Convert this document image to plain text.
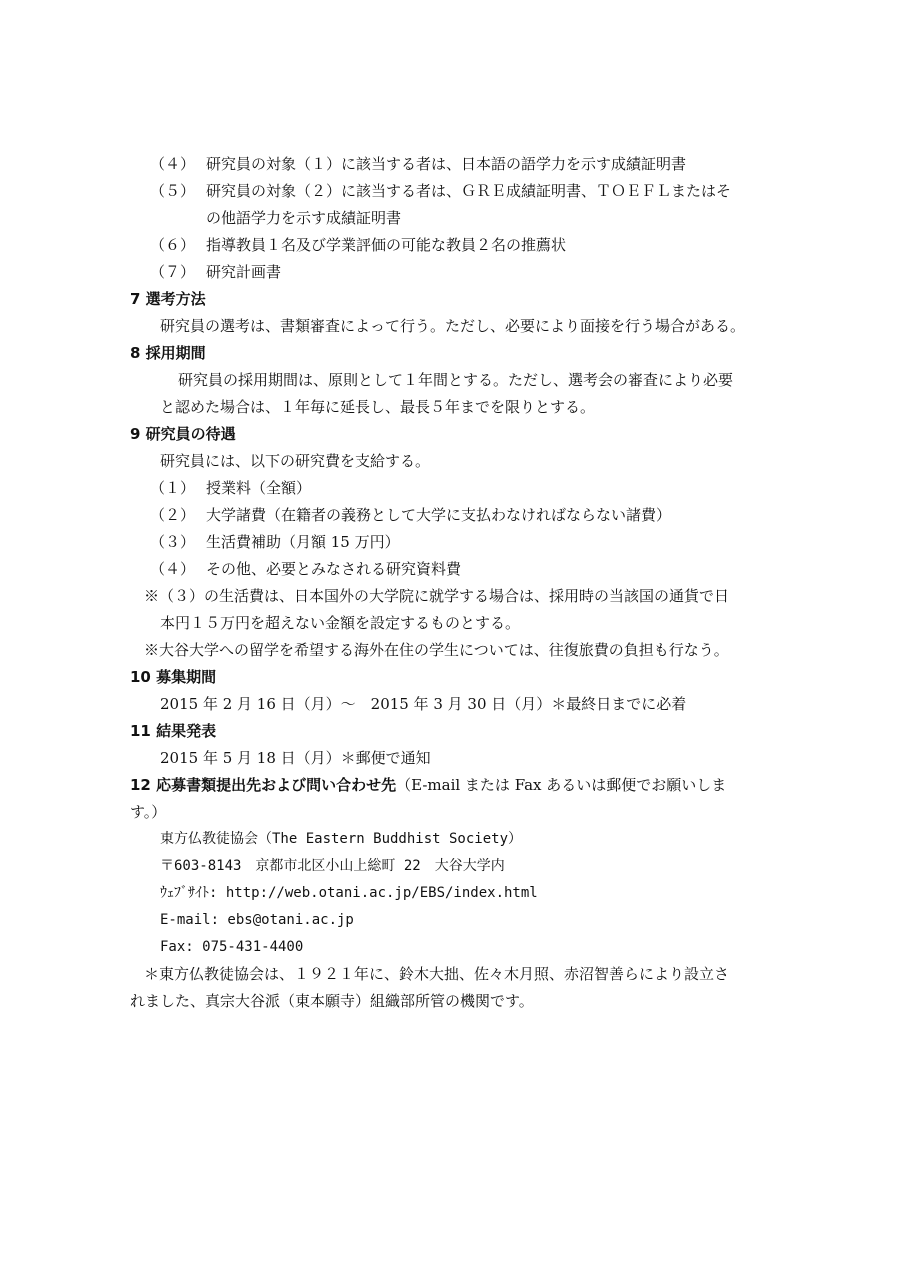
（４） 研究員の対象（１）に該当する者は、日本語の語学力を示す成績証明書
（５） 研究員の対象（２）に該当する者は、ＧＲＥ成績証明書、ＴＯＥＦＬまたはそ
の他語学力を示す成績証明書
（６） 指導教員１名及び学業評価の可能な教員２名の推薦状
（７） 研究計画書
7 選考方法
研究員の選考は、書類審査によって行う。ただし、必要により面接を行う場合がある。
8 採用期間
研究員の採用期間は、原則として１年間とする。ただし、選考会の審査により必要
と認めた場合は、１年毎に延長し、最長５年までを限りとする。
9 研究員の待遇
研究員には、以下の研究費を支給する。
（１） 授業料（全額）
（２） 大学諸費（在籍者の義務として大学に支払わなければならない諸費）
（３） 生活費補助（月額 15 万円）
（４） その他、必要とみなされる研究資料費
※（３）の生活費は、日本国外の大学院に就学する場合は、採用時の当該国の通貨で日
本円１５万円を超えない金額を設定するものとする。
※大谷大学への留学を希望する海外在住の学生については、往復旅費の負担も行なう。
10 募集期間
2015 年 2 月 16 日（月）〜　2015 年 3 月 30 日（月）＊最終日までに必着
11 結果発表
2015 年 5 月 18 日（月）＊郵便で通知
12 応募書類提出先および問い合わせ先（E-mail または Fax あるいは郵便でお願いしま
す。）
東方仏教徒協会（The Eastern Buddhist Society）
〒603-8143　京都市北区小山上総町 22　大谷大学内
ｳｪﾌﾞｻｲﾄ: http://web.otani.ac.jp/EBS/index.html
E-mail: ebs@otani.ac.jp
Fax: 075-431-4400
＊東方仏教徒協会は、１９２１年に、鈴木大拙、佐々木月照、赤沼智善らにより設立さ
れました、真宗大谷派（東本願寺）組織部所管の機関です。
